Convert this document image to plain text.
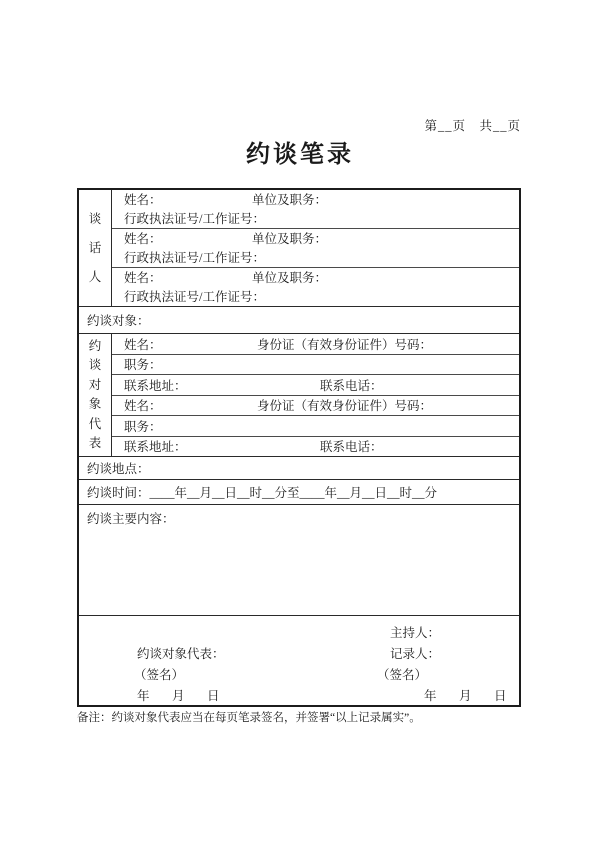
第__页　共__页
约谈笔录
谈
话
人
姓名：	单位及职务：
行政执法证号/工作证号：
姓名：	单位及职务：
行政执法证号/工作证号：
姓名：	单位及职务：
行政执法证号/工作证号：
约谈对象：
约
谈
对
象
代
表
姓名：	身份证（有效身份证件）号码：
职务：
联系地址：	联系电话：
姓名：	身份证（有效身份证件）号码：
职务：
联系地址：	联系电话：
约谈地点：
约谈时间： ____年__月__日__时__分至____年__月__日__时__分
约谈主要内容：
主持人：
约谈对象代表：	记录人：
（签名）	（签名）
年　月　日	年　月　日
备注：约谈对象代表应当在每页笔录签名，并签署“以上记录属实”。
